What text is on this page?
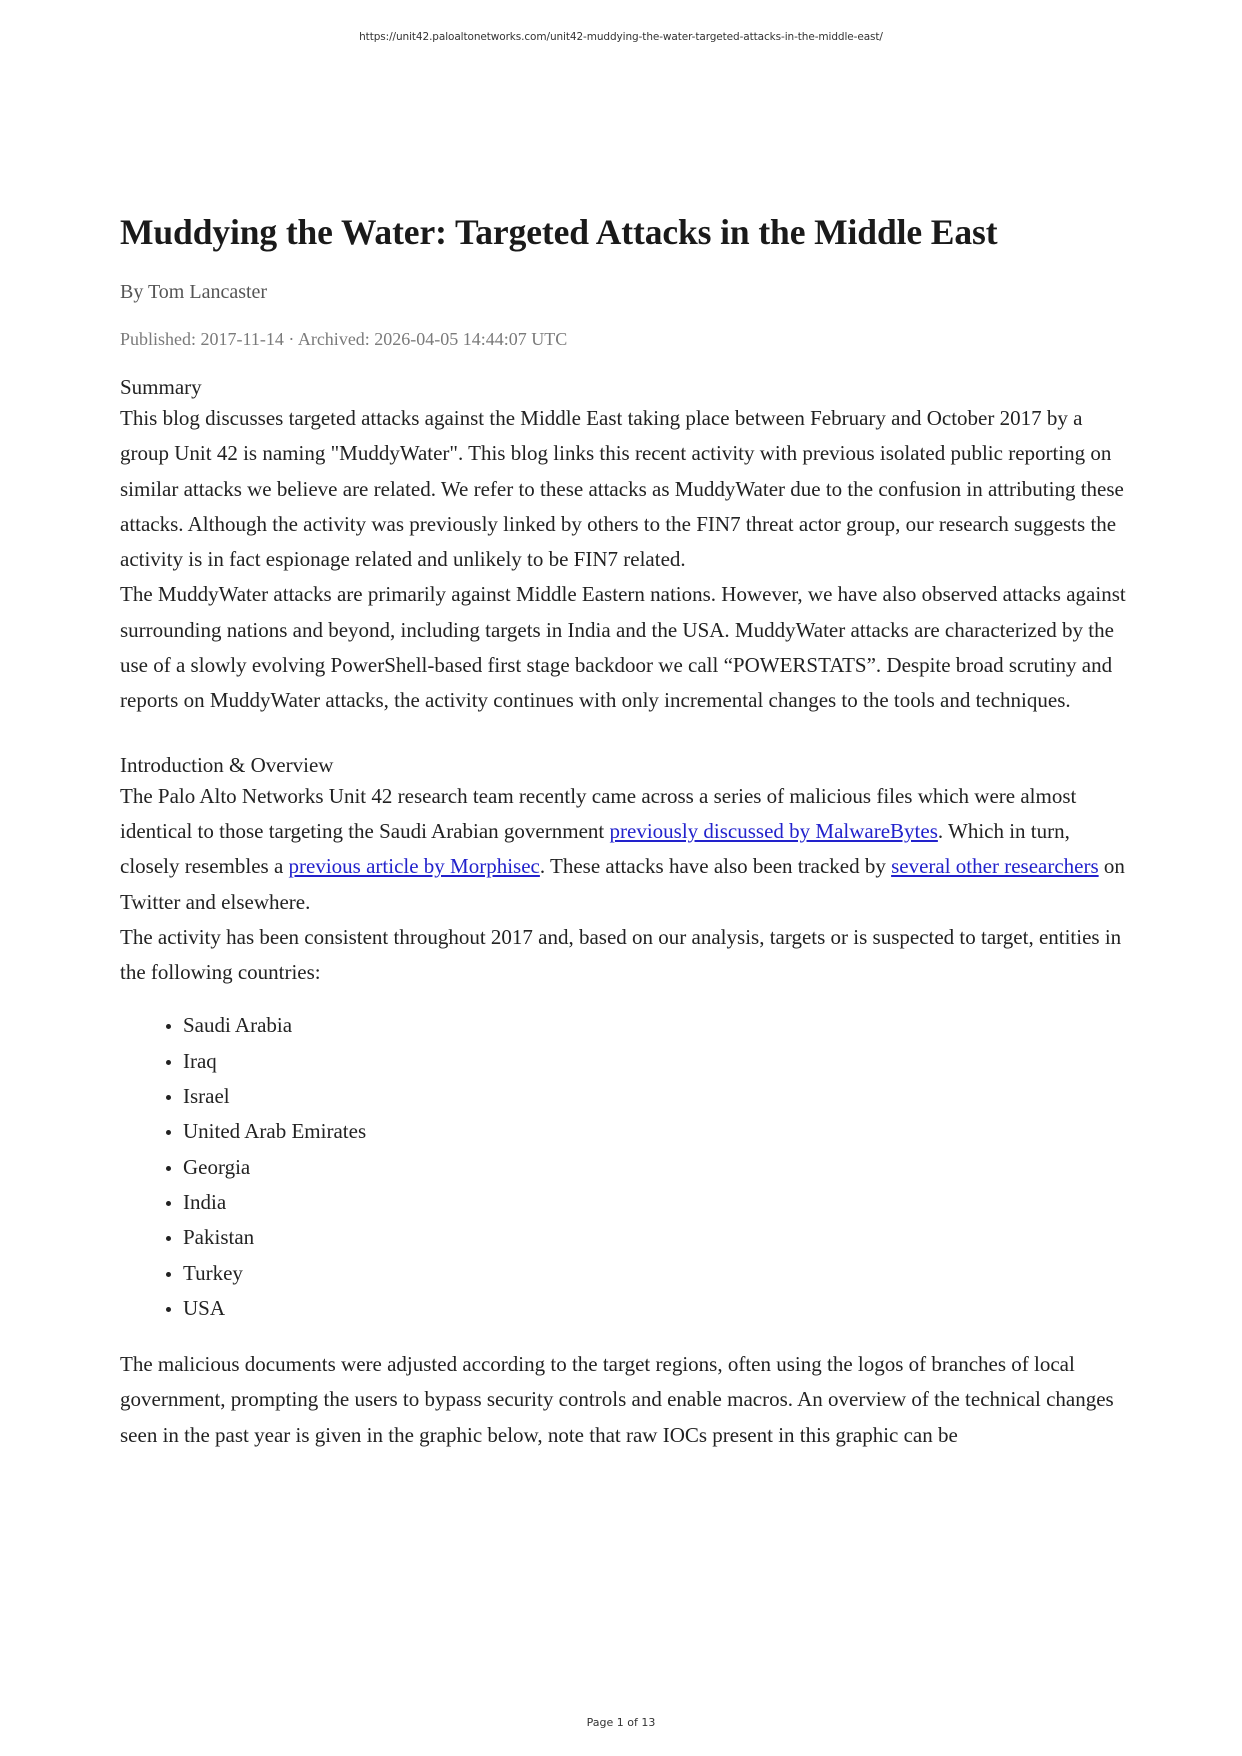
https://unit42.paloaltonetworks.com/unit42-muddying-the-water-targeted-attacks-in-the-middle-east/
Muddying the Water: Targeted Attacks in the Middle East
By Tom Lancaster
Published: 2017-11-14 · Archived: 2026-04-05 14:44:07 UTC
Summary

This blog discusses targeted attacks against the Middle East taking place between February and October 2017 by a group Unit 42 is naming "MuddyWater". This blog links this recent activity with previous isolated public reporting on similar attacks we believe are related. We refer to these attacks as MuddyWater due to the confusion in attributing these attacks. Although the activity was previously linked by others to the FIN7 threat actor group, our research suggests the activity is in fact espionage related and unlikely to be FIN7 related.

The MuddyWater attacks are primarily against Middle Eastern nations. However, we have also observed attacks against surrounding nations and beyond, including targets in India and the USA. MuddyWater attacks are characterized by the use of a slowly evolving PowerShell-based first stage backdoor we call “POWERSTATS”. Despite broad scrutiny and reports on MuddyWater attacks, the activity continues with only incremental changes to the tools and techniques.

Introduction & Overview

The Palo Alto Networks Unit 42 research team recently came across a series of malicious files which were almost identical to those targeting the Saudi Arabian government previously discussed by MalwareBytes. Which in turn, closely resembles a previous article by Morphisec. These attacks have also been tracked by several other researchers on Twitter and elsewhere.

The activity has been consistent throughout 2017 and, based on our analysis, targets or is suspected to target, entities in the following countries:

• Saudi Arabia
• Iraq
• Israel
• United Arab Emirates
• Georgia
• India
• Pakistan
• Turkey
• USA

The malicious documents were adjusted according to the target regions, often using the logos of branches of local government, prompting the users to bypass security controls and enable macros. An overview of the technical changes seen in the past year is given in the graphic below, note that raw IOCs present in this graphic can be

Page 1 of 13
